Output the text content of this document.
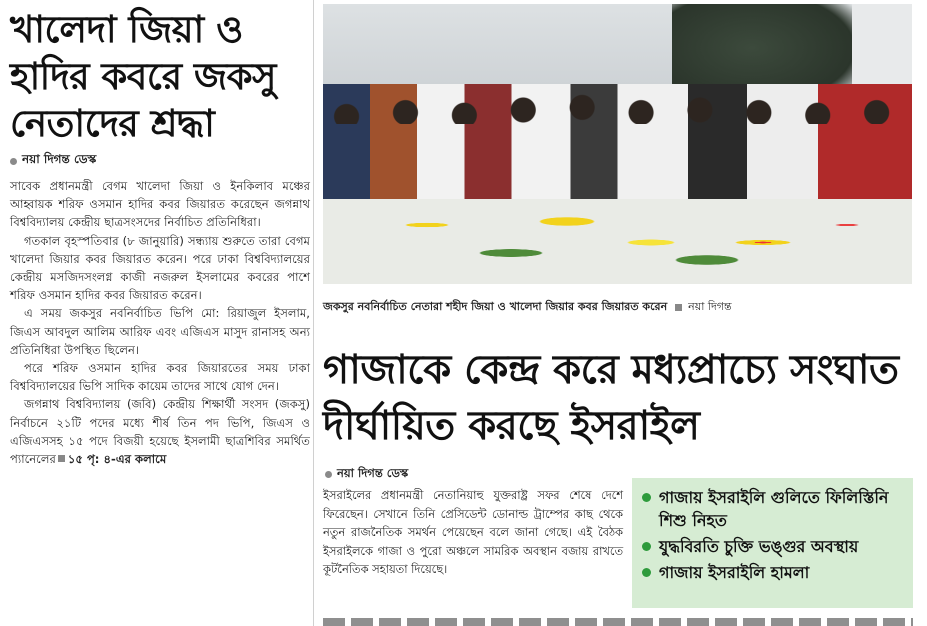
খালেদা জিয়া ও হাদির কবরে জকসু নেতাদের শ্রদ্ধা
নয়া দিগন্ত ডেস্ক

সাবেক প্রধানমন্ত্রী বেগম খালেদা জিয়া ও ইনকিলাব মঞ্চের আহ্বায়ক শরিফ ওসমান হাদির কবর জিয়ারত করেছেন জগন্নাথ বিশ্ববিদ্যালয় কেন্দ্রীয় ছাত্রসংসদের নির্বাচিত প্রতিনিধিরা।

গতকাল বৃহস্পতিবার (৮ জানুয়ারি) সন্ধ্যায় শুরুতে তারা বেগম খালেদা জিয়ার কবর জিয়ারত করেন। পরে ঢাকা বিশ্ববিদ্যালয়ের কেন্দ্রীয় মসজিদসংলগ্ন কাজী নজরুল ইসলামের কবরের পাশে শরিফ ওসমান হাদির কবর জিয়ারত করেন।

এ সময় জকসুর নবনির্বাচিত ভিপি মো: রিয়াজুল ইসলাম, জিএস আবদুল আলিম আরিফ এবং এজিএস মাসুদ রানাসহ অন্য প্রতিনিধিরা উপস্থিত ছিলেন।

পরে শরিফ ওসমান হাদির কবর জিয়ারতের সময় ঢাকা বিশ্ববিদ্যালয়ের ভিপি সাদিক কায়েম তাদের সাথে যোগ দেন।

জগন্নাথ বিশ্ববিদ্যালয় (জবি) কেন্দ্রীয় শিক্ষার্থী সংসদ (জকসু) নির্বাচনে ২১টি পদের মধ্যে শীর্ষ তিন পদ ভিপি, জিএস ও এজিএসসহ ১৫ পদে বিজয়ী হয়েছে ইসলামী ছাত্রশিবির সমর্থিত প্যানেলের ১৫ পৃ: ৪-এর কলামে

জকসুর নবনির্বাচিত নেতারা শহীদ জিয়া ও খালেদা জিয়ার কবর জিয়ারত করেন নয়া দিগন্ত
গাজাকে কেন্দ্র করে মধ্যপ্রাচ্যে সংঘাত
দীর্ঘায়িত করছে ইসরাইল
নয়া দিগন্ত ডেস্ক
ইসরাইলের প্রধানমন্ত্রী নেতানিয়াহু যুক্তরাষ্ট্র সফর শেষে দেশে ফিরেছেন। সেখানে তিনি প্রেসিডেন্ট ডোনাল্ড ট্রাম্পের কাছ থেকে নতুন রাজনৈতিক সমর্থন পেয়েছেন বলে জানা গেছে। এই বৈঠক ইসরাইলকে গাজা ও পুরো অঞ্চলে সামরিক অবস্থান বজায় রাখতে কূটনৈতিক সহায়তা দিয়েছে।
গাজায় ইসরাইলি গুলিতে ফিলিস্তিনি শিশু নিহত
যুদ্ধবিরতি চুক্তি ভঙ্গুর অবস্থায়
গাজায় ইসরাইলি হামলা
